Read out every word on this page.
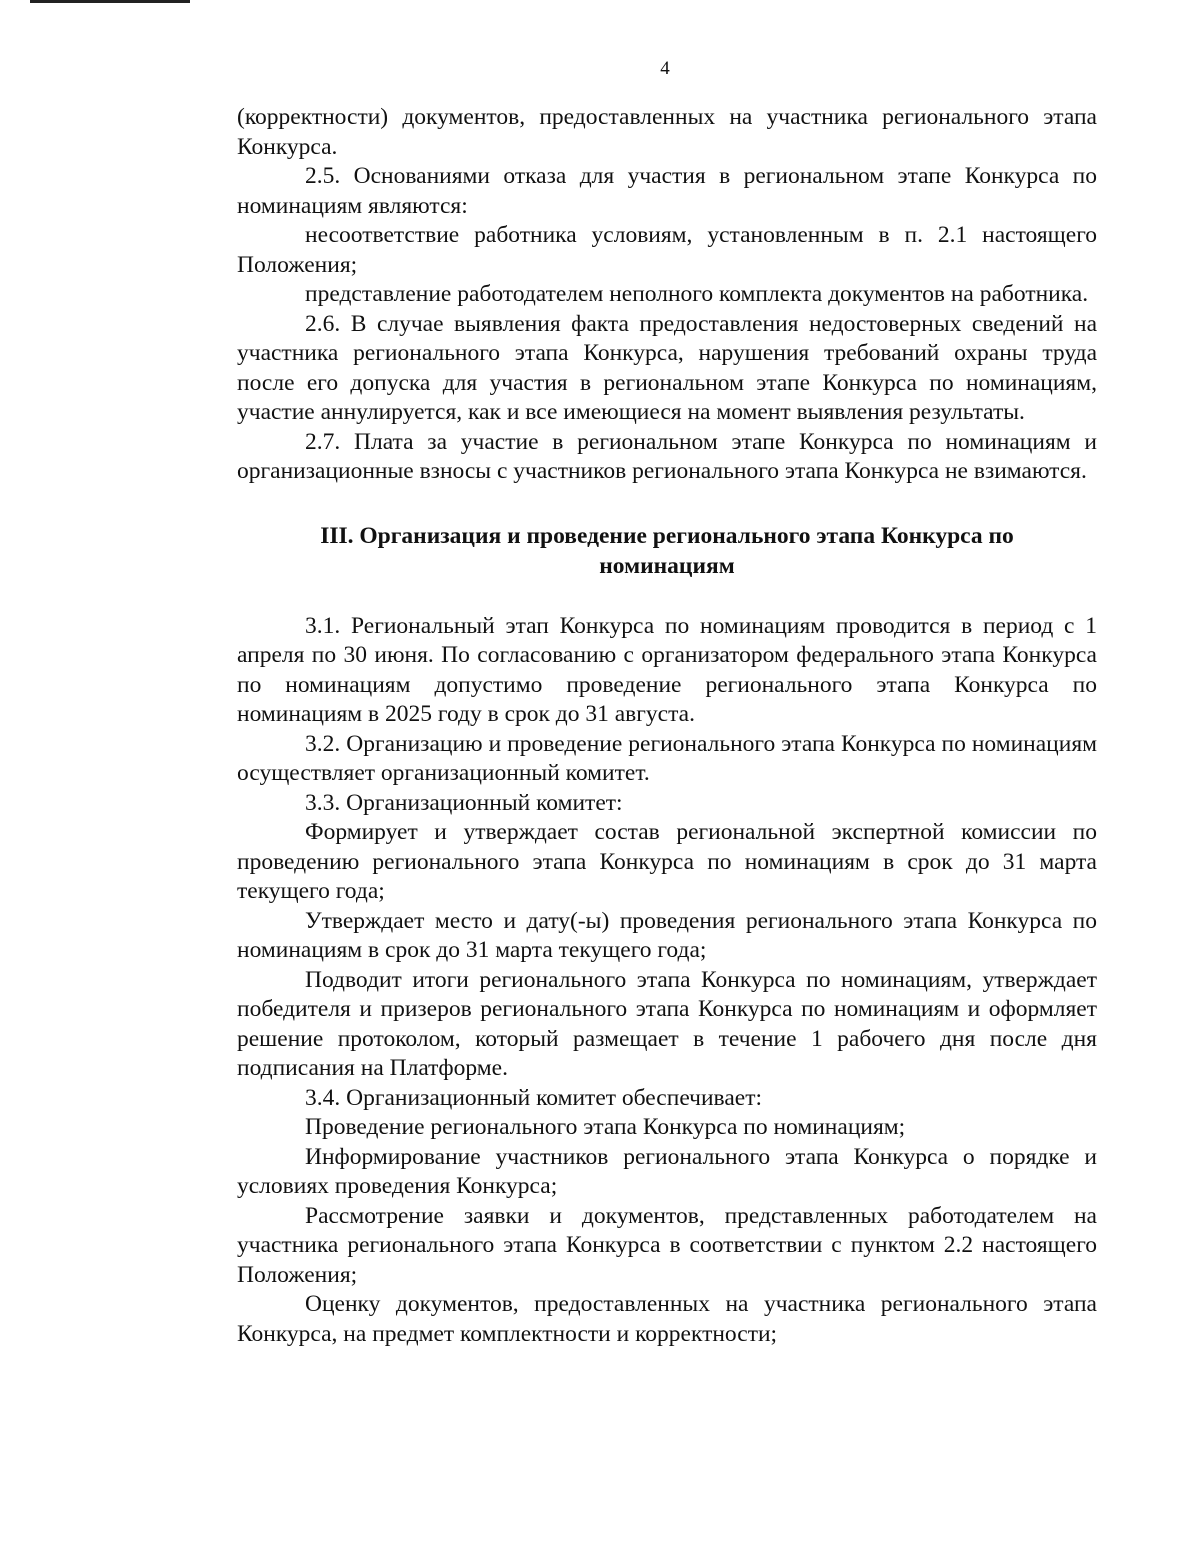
4

(корректности) документов, предоставленных на участника регионального этапа Конкурса.

2.5. Основаниями отказа для участия в региональном этапе Конкурса по номинациям являются:

несоответствие работника условиям, установленным в п. 2.1 настоящего Положения;

представление работодателем неполного комплекта документов на работника.

2.6. В случае выявления факта предоставления недостоверных сведений на участника регионального этапа Конкурса, нарушения требований охраны труда после его допуска для участия в региональном этапе Конкурса по номинациям, участие аннулируется, как и все имеющиеся на момент выявления результаты.

2.7. Плата за участие в региональном этапе Конкурса по номинациям и организационные взносы с участников регионального этапа Конкурса не взимаются.

III. Организация и проведение регионального этапа Конкурса по номинациям

3.1. Региональный этап Конкурса по номинациям проводится в период с 1 апреля по 30 июня. По согласованию с организатором федерального этапа Конкурса по номинациям допустимо проведение регионального этапа Конкурса по номинациям в 2025 году в срок до 31 августа.

3.2. Организацию и проведение регионального этапа Конкурса по номинациям осуществляет организационный комитет.

3.3. Организационный комитет:

Формирует и утверждает состав региональной экспертной комиссии по проведению регионального этапа Конкурса по номинациям в срок до 31 марта текущего года;

Утверждает место и дату(-ы) проведения регионального этапа Конкурса по номинациям в срок до 31 марта текущего года;

Подводит итоги регионального этапа Конкурса по номинациям, утверждает победителя и призеров регионального этапа Конкурса по номинациям и оформляет решение протоколом, который размещает в течение 1 рабочего дня после дня подписания на Платформе.

3.4. Организационный комитет обеспечивает:

Проведение регионального этапа Конкурса по номинациям;

Информирование участников регионального этапа Конкурса о порядке и условиях проведения Конкурса;

Рассмотрение заявки и документов, представленных работодателем на участника регионального этапа Конкурса в соответствии с пунктом 2.2 настоящего Положения;

Оценку документов, предоставленных на участника регионального этапа Конкурса, на предмет комплектности и корректности;
